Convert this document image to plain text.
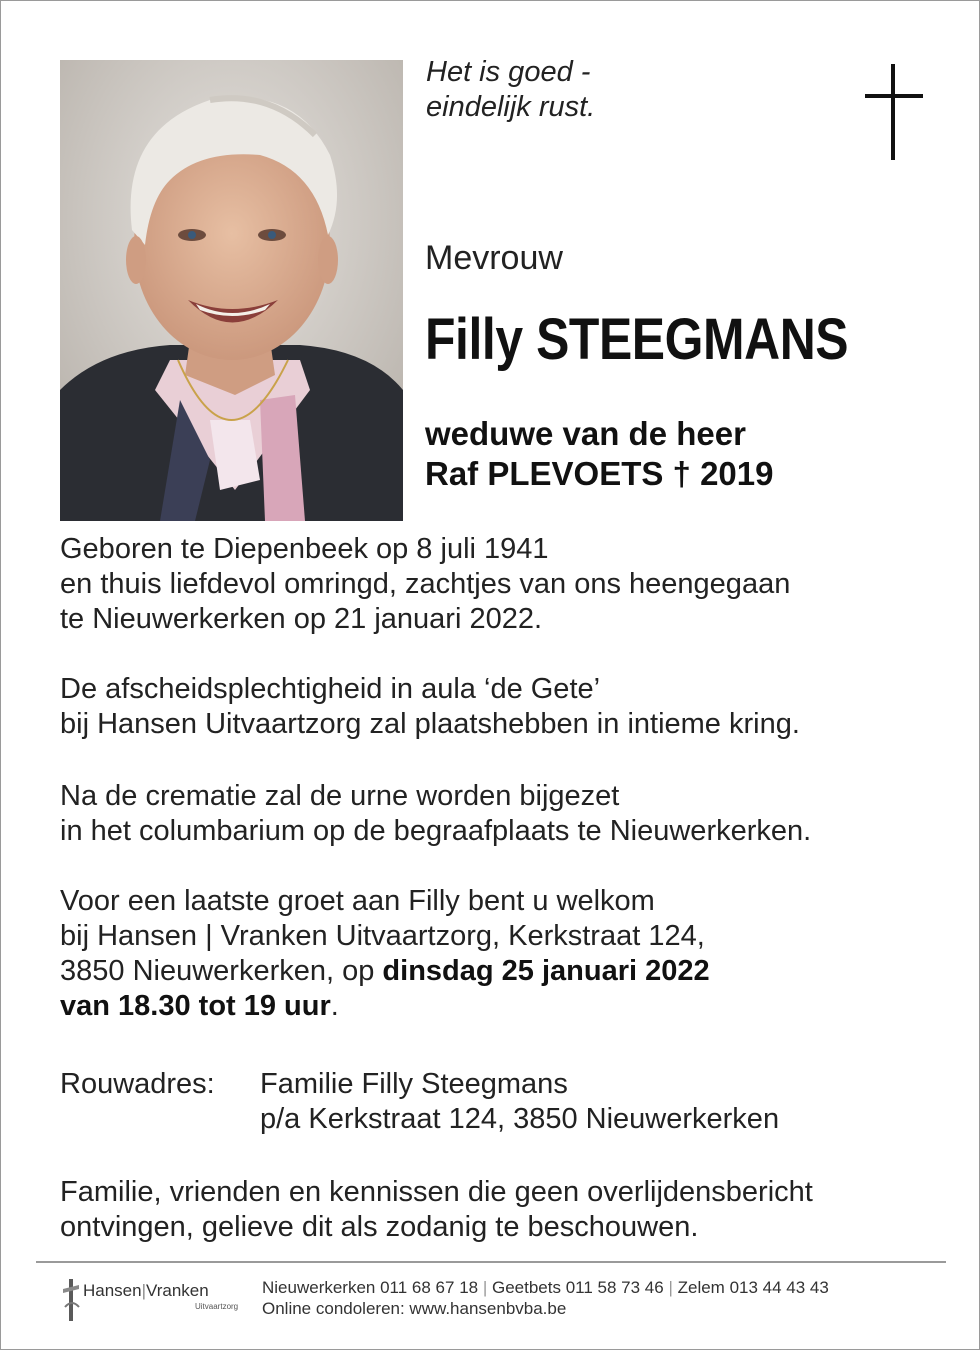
Het is goed -
eindelijk rust.
Mevrouw
Filly STEEGMANS
weduwe van de heer
Raf PLEVOETS † 2019
Geboren te Diepenbeek op 8 juli 1941
en thuis liefdevol omringd, zachtjes van ons heengegaan
te Nieuwerkerken op 21 januari 2022.
De afscheidsplechtigheid in aula ‘de Gete’
bij Hansen Uitvaartzorg zal plaatshebben in intieme kring.
Na de crematie zal de urne worden bijgezet
in het columbarium op de begraafplaats te Nieuwerkerken.
Voor een laatste groet aan Filly bent u welkom
bij Hansen | Vranken Uitvaartzorg, Kerkstraat 124,
3850 Nieuwerkerken, op dinsdag 25 januari 2022
van 18.30 tot 19 uur.
Rouwadres: Familie Filly Steegmans
p/a Kerkstraat 124, 3850 Nieuwerkerken
Familie, vrienden en kennissen die geen overlijdensbericht
ontvingen, gelieve dit als zodanig te beschouwen.
Hansen|Vranken
Uitvaartzorg
Nieuwerkerken 011 68 67 18 | Geetbets 011 58 73 46 | Zelem 013 44 43 43
Online condoleren: www.hansenbvba.be
